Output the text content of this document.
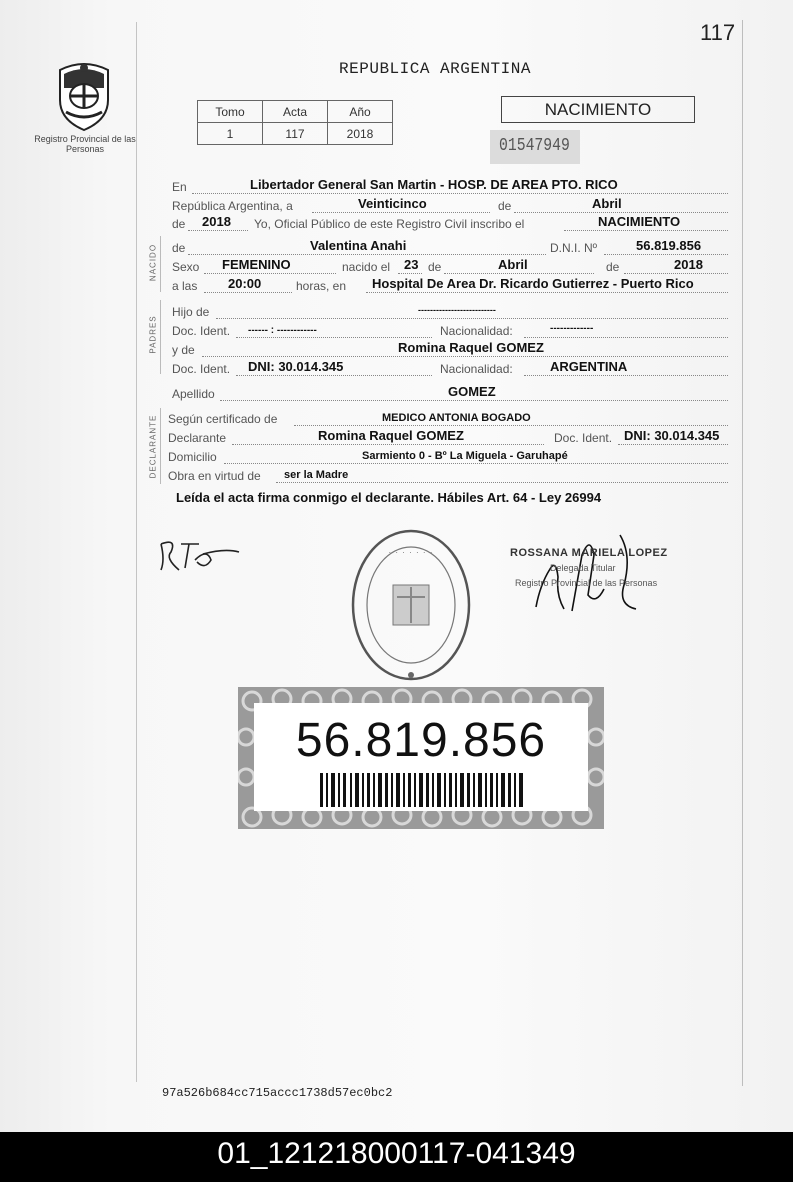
117
Registro Provincial de las Personas
REPUBLICA ARGENTINA
Tomo	Acta	Año
1	117	2018
NACIMIENTO
01547949
En	Libertador General San Martin - HOSP. DE AREA PTO. RICO
República Argentina, a	Veinticinco	de	Abril
de 2018 Yo, Oficial Público de este Registro Civil inscribo el	NACIMIENTO
NACIDO de	Valentina Anahi	D.N.I. Nº	56.819.856
Sexo FEMENINO	nacido el 23 de	Abril	de	2018
a las 20:00	horas, en Hospital De Area Dr. Ricardo Gutierrez - Puerto Rico
PADRES
Hijo de	--------------------------
Doc. Ident. ------ : ------------	Nacionalidad:	-------------
y de	Romina Raquel GOMEZ
Doc. Ident. DNI: 30.014.345	Nacionalidad:	ARGENTINA
Apellido	GOMEZ
DECLARANTE Según certificado de	MEDICO ANTONIA BOGADO
Declarante	Romina Raquel GOMEZ	Doc. Ident. DNI: 30.014.345
Domicilio	Sarmiento 0 - Bº La Miguela - Garuhapé
Obra en virtud de ser la Madre
Leída el acta firma conmigo el declarante. Hábiles Art. 64 - Ley 26994
· · · · · · ·	ROSSANA MARIELA LOPEZ
Delegada Titular
Registro Provincial de las Personas
56.819.856
97a526b684cc715accc1738d57ec0bc2
01_121218000117-041349
